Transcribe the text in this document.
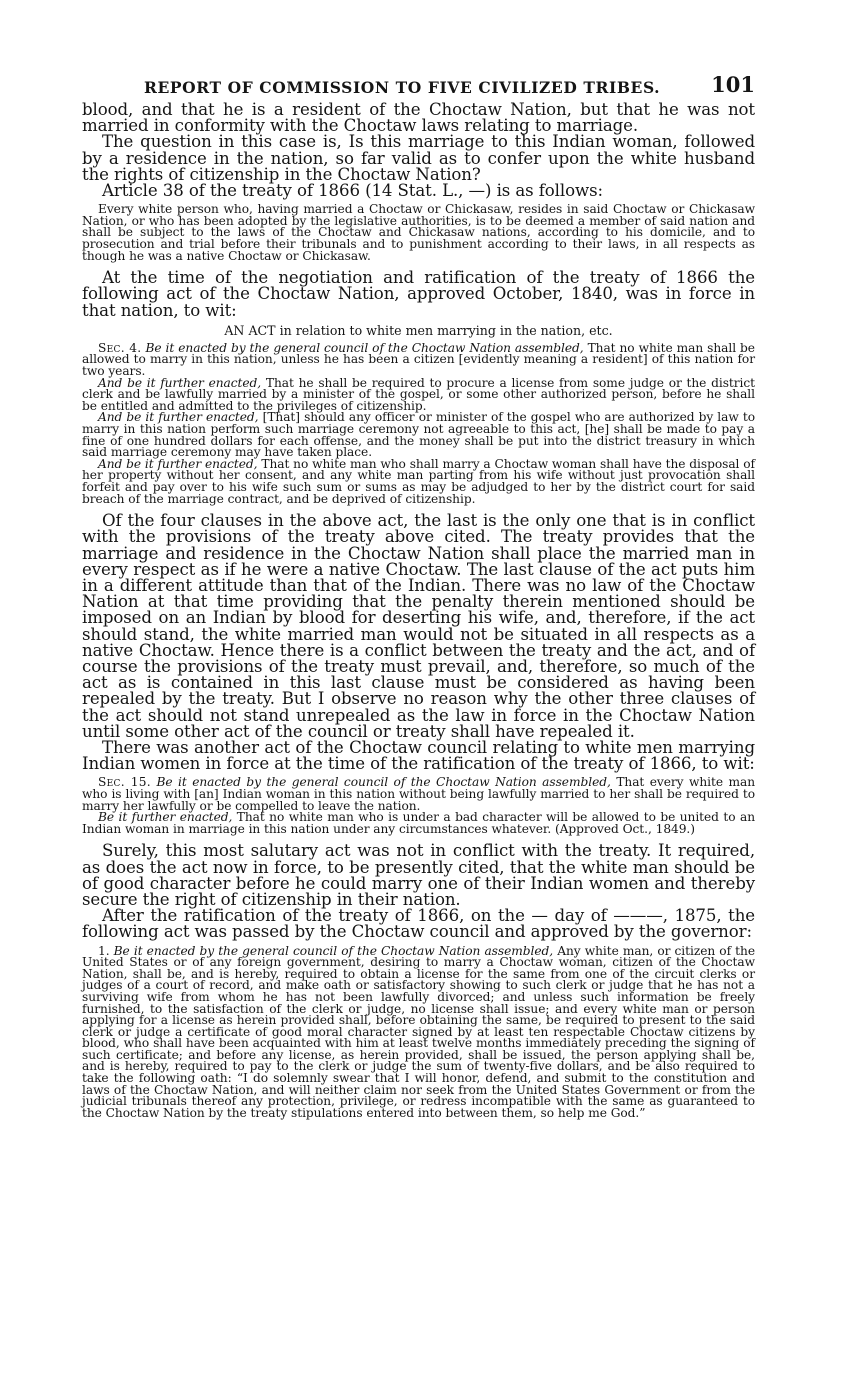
REPORT OF COMMISSION TO FIVE CIVILIZED TRIBES. 101

blood, and that he is a resident of the Choctaw Nation, but that he was not married in conformity with the Choctaw laws relating to marriage.

The question in this case is, Is this marriage to this Indian woman, followed by a residence in the nation, so far valid as to confer upon the white husband the rights of citizenship in the Choctaw Nation?

Article 38 of the treaty of 1866 (14 Stat. L., —) is as follows:

Every white person who, having married a Choctaw or Chickasaw, resides in said Choctaw or Chickasaw Nation, or who has been adopted by the legislative authorities, is to be deemed a member of said nation and shall be subject to the laws of the Choctaw and Chickasaw nations, according to his domicile, and to prosecution and trial before their tribunals and to punishment according to their laws, in all respects as though he was a native Choctaw or Chickasaw.

At the time of the negotiation and ratification of the treaty of 1866 the following act of the Choctaw Nation, approved October, 1840, was in force in that nation, to wit:

AN ACT in relation to white men marrying in the nation, etc.

Sec. 4. Be it enacted by the general council of the Choctaw Nation assembled, That no white man shall be allowed to marry in this nation, unless he has been a citizen [evidently meaning a resident] of this nation for two years.

And be it further enacted, That he shall be required to procure a license from some judge or the district clerk and be lawfully married by a minister of the gospel, or some other authorized person, before he shall be entitled and admitted to the privileges of citizenship.

And be it further enacted, [That] should any officer or minister of the gospel who are authorized by law to marry in this nation perform such marriage ceremony not agreeable to this act, [he] shall be made to pay a fine of one hundred dollars for each offense, and the money shall be put into the district treasury in which said marriage ceremony may have taken place.

And be it further enacted, That no white man who shall marry a Choctaw woman shall have the disposal of her property without her consent, and any white man parting from his wife without just provocation shall forfeit and pay over to his wife such sum or sums as may be adjudged to her by the district court for said breach of the marriage contract, and be deprived of citizenship.

Of the four clauses in the above act, the last is the only one that is in conflict with the provisions of the treaty above cited. The treaty provides that the marriage and residence in the Choctaw Nation shall place the married man in every respect as if he were a native Choctaw. The last clause of the act puts him in a different attitude than that of the Indian. There was no law of the Choctaw Nation at that time providing that the penalty therein mentioned should be imposed on an Indian by blood for deserting his wife, and, therefore, if the act should stand, the white married man would not be situated in all respects as a native Choctaw. Hence there is a conflict between the treaty and the act, and of course the provisions of the treaty must prevail, and, therefore, so much of the act as is contained in this last clause must be considered as having been repealed by the treaty. But I observe no reason why the other three clauses of the act should not stand unrepealed as the law in force in the Choctaw Nation until some other act of the council or treaty shall have repealed it.

There was another act of the Choctaw council relating to white men marrying Indian women in force at the time of the ratification of the treaty of 1866, to wit:

Sec. 15. Be it enacted by the general council of the Choctaw Nation assembled, That every white man who is living with [an] Indian woman in this nation without being lawfully married to her shall be required to marry her lawfully or be compelled to leave the nation.

Be it further enacted, That no white man who is under a bad character will be allowed to be united to an Indian woman in marriage in this nation under any circumstances whatever. (Approved Oct., 1849.)

Surely, this most salutary act was not in conflict with the treaty. It required, as does the act now in force, to be presently cited, that the white man should be of good character before he could marry one of their Indian women and thereby secure the right of citizenship in their nation.

After the ratification of the treaty of 1866, on the — day of ———, 1875, the following act was passed by the Choctaw council and approved by the governor:

1. Be it enacted by the general council of the Choctaw Nation assembled, Any white man, or citizen of the United States or of any foreign government, desiring to marry a Choctaw woman, citizen of the Choctaw Nation, shall be, and is hereby, required to obtain a license for the same from one of the circuit clerks or judges of a court of record, and make oath or satisfactory showing to such clerk or judge that he has not a surviving wife from whom he has not been lawfully divorced; and unless such information be freely furnished, to the satisfaction of the clerk or judge, no license shall issue; and every white man or person applying for a license as herein provided shall, before obtaining the same, be required to present to the said clerk or judge a certificate of good moral character signed by at least ten respectable Choctaw citizens by blood, who shall have been acquainted with him at least twelve months immediately preceding the signing of such certificate; and before any license, as herein provided, shall be issued, the person applying shall be, and is hereby, required to pay to the clerk or judge the sum of twenty-five dollars, and be also required to take the following oath: “I do solemnly swear that I will honor, defend, and submit to the constitution and laws of the Choctaw Nation, and will neither claim nor seek from the United States Government or from the judicial tribunals thereof any protection, privilege, or redress incompatible with the same as guaranteed to the Choctaw Nation by the treaty stipulations entered into between them, so help me God.”
